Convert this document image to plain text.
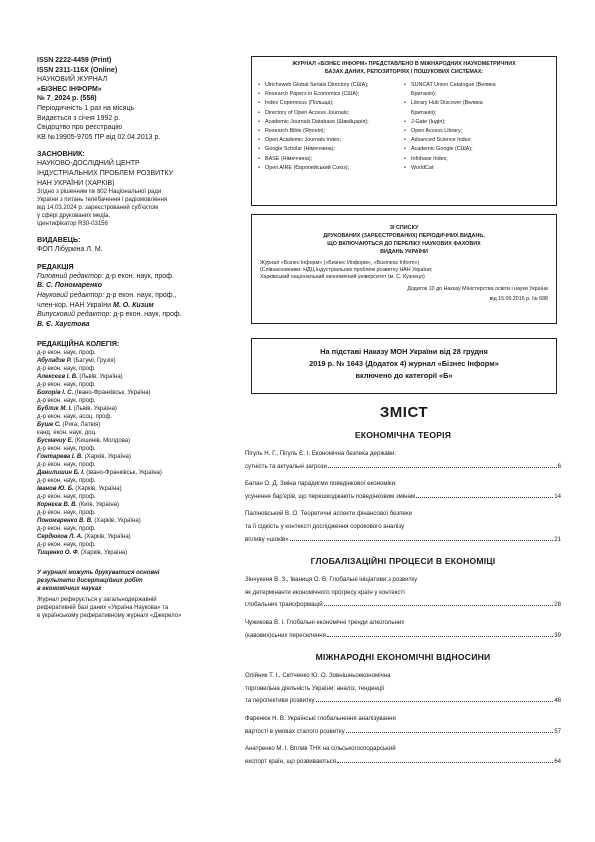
ISSN 2222-4459 (Print)
ISSN 2311-116Х (Online)
НАУКОВИЙ ЖУРНАЛ
«БІЗНЕС ІНФОРМ»
№ 7_2024 р. (558)
Періодичність 1 раз на місяць
Видається з січня 1992 р.
Свідоцтво про реєстрацію
КВ №19905-9705 ПР від 02.04.2013 р.
ЗАСНОВНИК:
НАУКОВО-ДОСЛІДНИЙ ЦЕНТР
ІНДУСТРІАЛЬНИХ ПРОБЛЕМ РОЗВИТКУ
НАН УКРАЇНИ (ХАРКІВ)
Згідно з рішенням № 802 Національної ради
України з питань телебачення і радіомовлення
від 14.03.2024 р. зареєстрований суб'єктом
у сфері друкованих медіа.
Ідентифікатор R30-03156
ВИДАВЕЦЬ:
ФОП Лібуркіна Л. М.
РЕДАКЦІЯ
Головний редактор: д-р екон. наук, проф.
В. С. Пономаренко
Науковий редактор: д-р екон. наук, проф.,
член-кор. НАН України М. О. Кизим
Випусковий редактор: д-р екон. наук, проф.
В. Є. Хаустова
РЕДАКЦІЙНА КОЛЕГІЯ:
д-р екон. наук, проф.
Абуладзе Р. (Батумі, Грузія)
д-р екон. наук, проф.
Алексєєв І. В. (Львів, Україна)
д-р екон. наук, проф.
Бохорів І. С. (Івано-Франківськ, Україна)
д-р екон. наук, проф.
Бублик М. І. (Львів, Україна)
д-р екон. наук, асоц. проф.
Буше С. (Рига, Латвія)
канд. екон. наук, доц.
Бусмачиу Е. (Кишинів, Молдова)
д-р екон. наук, проф.
Гонтарева І. В. (Харків, Україна)
д-р екон. наук, проф.
Данилишин Б. І. (Івано-Франківськ, Україна)
д-р екон. наук, проф.
Іванов Ю. Б. (Харків, Україна)
д-р екон. наук, проф.
Корнєєв В. В. (Київ, Україна)
д-р екон. наук, проф.
Пономаренко В. В. (Харків, Україна)
д-р екон. наук, проф.
Сердюков Л. А. (Харків, Україна)
д-р екон. наук, проф.
Тищенко О. Ф. (Харків, Україна)
У журналі можуть друкуватися основні
результати дисертаційних робіт
в економічних науках
Журнал реферується у загальнодержавній
реферативній базі даних «Україна Наукова» та
в українському реферативному журналі «Джерело»
ЖУРНАЛ «БІЗНЕС ІНФОРМ» ПРЕДСТАВЛЕНО В МІЖНАРОДНИХ НАУКОМЕТРИЧНИХ
БАЗАХ ДАНИХ, РЕПОЗИТОРІЯХ І ПОШУКОВИХ СИСТЕМАХ:
• Ulrichsweb Global Serials Directory (США);
• Research Papers in Economics (США);
• Index Copernicus (Польща);
• Directory of Open Access Journals;
• Academic Journals Database (Швейцарія);
• Research Bible (Японія);
• Open Academic Journals Index;
• Google Scholar (Німеччина);
• BASE (Німеччина);
• Open AIRE (Європейський Союз);
• SUNCAT Union Catalogue (Велика Британія);
• Library Hub Discover (Велика Британія);
• J-Gate (Індія);
• Open Access Library;
• Advanced Science Index;
• Academic Google (США);
• Infobase Index;
• WorldCat
ЗІ СПИСКУ
ДРУКОВАНИХ (ЗАРЕЄСТРОВАНИХ) ПЕРІОДИЧНИХ ВИДАНЬ,
ЩО ВКЛЮЧАЮТЬСЯ ДО ПЕРЕЛІКУ НАУКОВИХ ФАХОВИХ
ВИДАНЬ УКРАЇНИ
Журнал «Бізнес Інформ» («Бизнес Информ», «Business Inform»)
(Співзасновники: НДЦ індустріальних проблем розвитку НАН України;
Харківський національний економічний університет (м. С. Кузнеця)
Додаток 10 до Наказу Міністерства освіти і науки України
від 15.06.2016 р. № 688
На підставі Наказу МОН України від 28 грудня
2019 р. № 1643 (Додаток 4) журнал «Бізнес Інформ»
включено до категорії «Б»
ЗМІСТ
ЕКОНОМІЧНА ТЕОРІЯ
Пігуль Н. Г., Пігуль Є. І. Економічна безпека держави:
сутність та актуальні загрози	6
Балан О. Д. Зміна парадигми поведінкової економіки:
усунення бар'єрів, що перешкоджають поведінковим змінам	14
Паліновський В. О. Теоретичні аспекти фінансової безпеки
та її сідкість у контексті дослідження сорокового аналізу
впливу «шоків»	21
ГЛОБАЛІЗАЦІЙНІ ПРОЦЕСИ В ЕКОНОМІЦІ
Зінчукеня В. З., Іваниця О. В. Глобальні ініціативи з розвитку
як детермінанти економічного прогресу країн у контексті
глобальних трансформацій	28
Чужикова В. І. Глобальні економічні тренди алкогольних
(кавових)сьних переселення	39
МІЖНАРОДНІ ЕКОНОМІЧНІ ВІДНОСИНИ
Олійник Т. І., Скітченко Ю. О. Зовнішньоекономічна
торговельна діяльність України: аналіз, тенденції
та перспективи розвитку	48
Фаренюк Н. В. Українські глобальнення аналізування
вартості в умовах сталого розвитку	57
Анатренко М. І. Вплив ТНК на сільськогосподарський
експорт країн, що розвиваються	64
